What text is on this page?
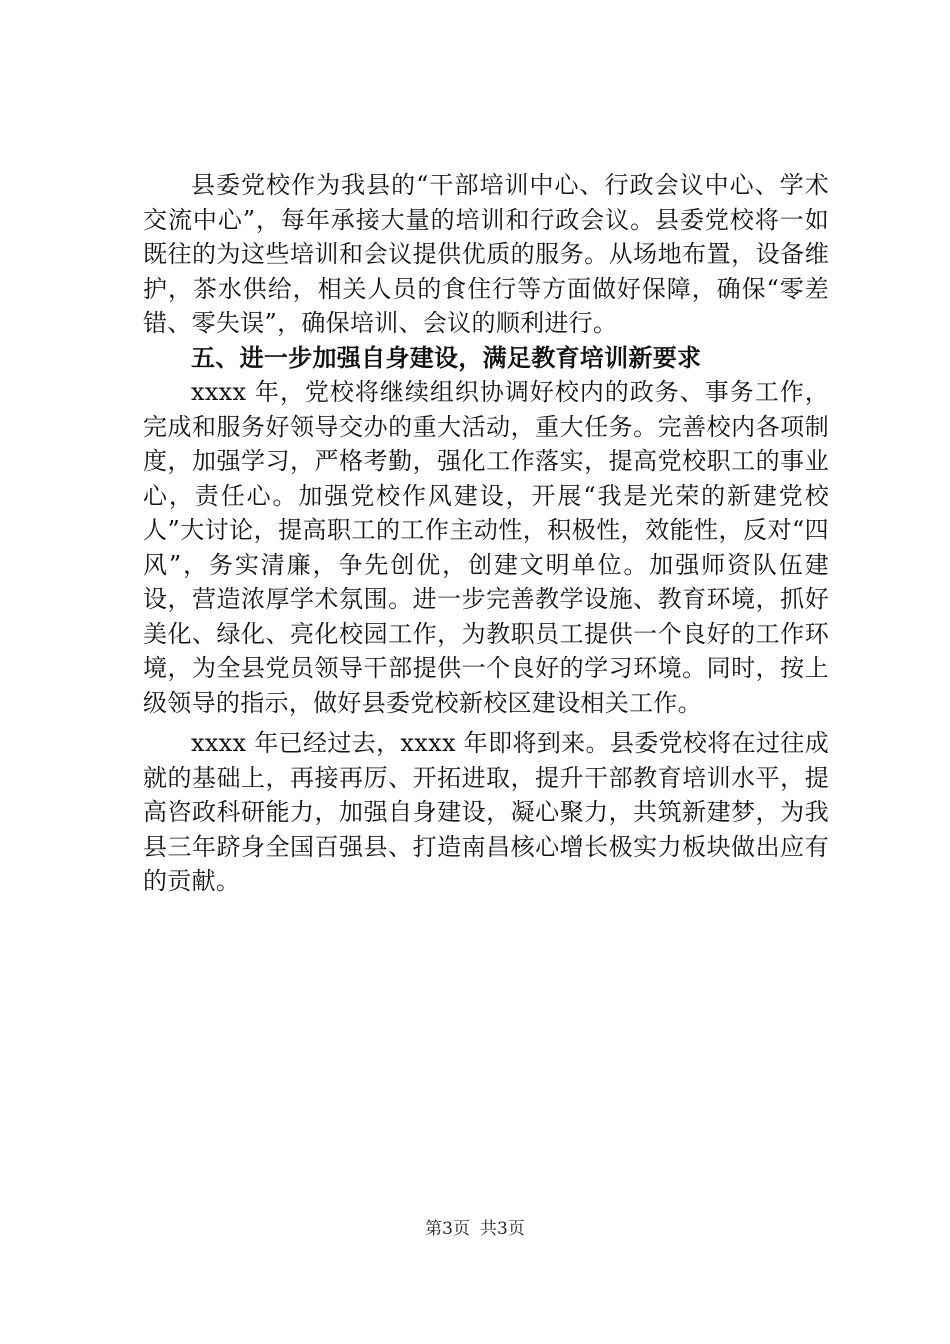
县委党校作为我县的“干部培训中心、行政会议中心、学术交流中心”，每年承接大量的培训和行政会议。县委党校将一如既往的为这些培训和会议提供优质的服务。从场地布置，设备维护，茶水供给，相关人员的食住行等方面做好保障，确保“零差错、零失误”，确保培训、会议的顺利进行。

五、进一步加强自身建设，满足教育培训新要求

xxxx 年，党校将继续组织协调好校内的政务、事务工作，完成和服务好领导交办的重大活动，重大任务。完善校内各项制度，加强学习，严格考勤，强化工作落实，提高党校职工的事业心，责任心。加强党校作风建设，开展“我是光荣的新建党校人”大讨论，提高职工的工作主动性，积极性，效能性，反对“四风”，务实清廉，争先创优，创建文明单位。加强师资队伍建设，营造浓厚学术氛围。进一步完善教学设施、教育环境，抓好美化、绿化、亮化校园工作，为教职员工提供一个良好的工作环境，为全县党员领导干部提供一个良好的学习环境。同时，按上级领导的指示，做好县委党校新校区建设相关工作。

xxxx 年已经过去，xxxx 年即将到来。县委党校将在过往成就的基础上，再接再厉、开拓进取，提升干部教育培训水平，提高咨政科研能力，加强自身建设，凝心聚力，共筑新建梦，为我县三年跻身全国百强县、打造南昌核心增长极实力板块做出应有的贡献。

第3页 共3页
